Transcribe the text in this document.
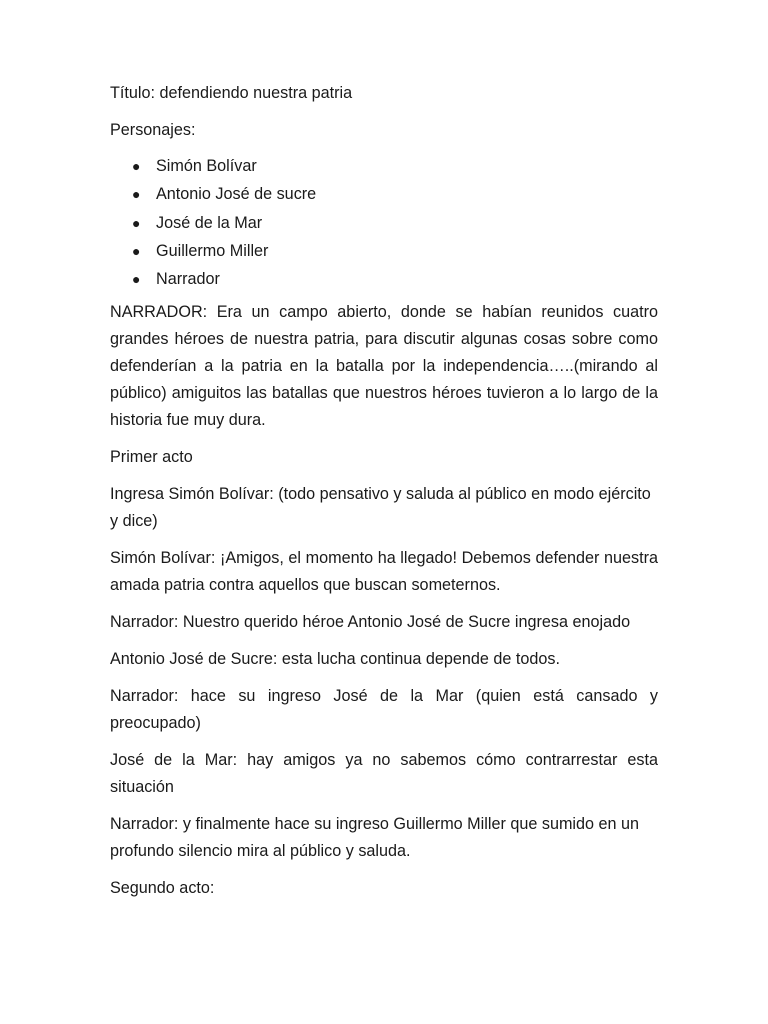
Título: defendiendo nuestra patria

Personajes:

● Simón Bolívar
● Antonio José de sucre
● José de la Mar
● Guillermo Miller
● Narrador

NARRADOR: Era un campo abierto, donde se habían reunidos cuatro grandes héroes de nuestra patria, para discutir algunas cosas sobre como defenderían a la patria en la batalla por la independencia…..(mirando al público) amiguitos las batallas que nuestros héroes tuvieron a lo largo de la historia fue muy dura.

Primer acto

Ingresa Simón Bolívar: (todo pensativo y saluda al público en modo ejército y dice)

Simón Bolívar: ¡Amigos, el momento ha llegado! Debemos defender nuestra amada patria contra aquellos que buscan someternos.

Narrador: Nuestro querido héroe Antonio José de Sucre ingresa enojado

Antonio José de Sucre: esta lucha continua depende de todos.

Narrador: hace su ingreso José de la Mar (quien está cansado y preocupado)

José de la Mar: hay amigos ya no sabemos cómo contrarrestar esta situación

Narrador: y finalmente hace su ingreso Guillermo Miller que sumido en un profundo silencio mira al público y saluda.

Segundo acto:
